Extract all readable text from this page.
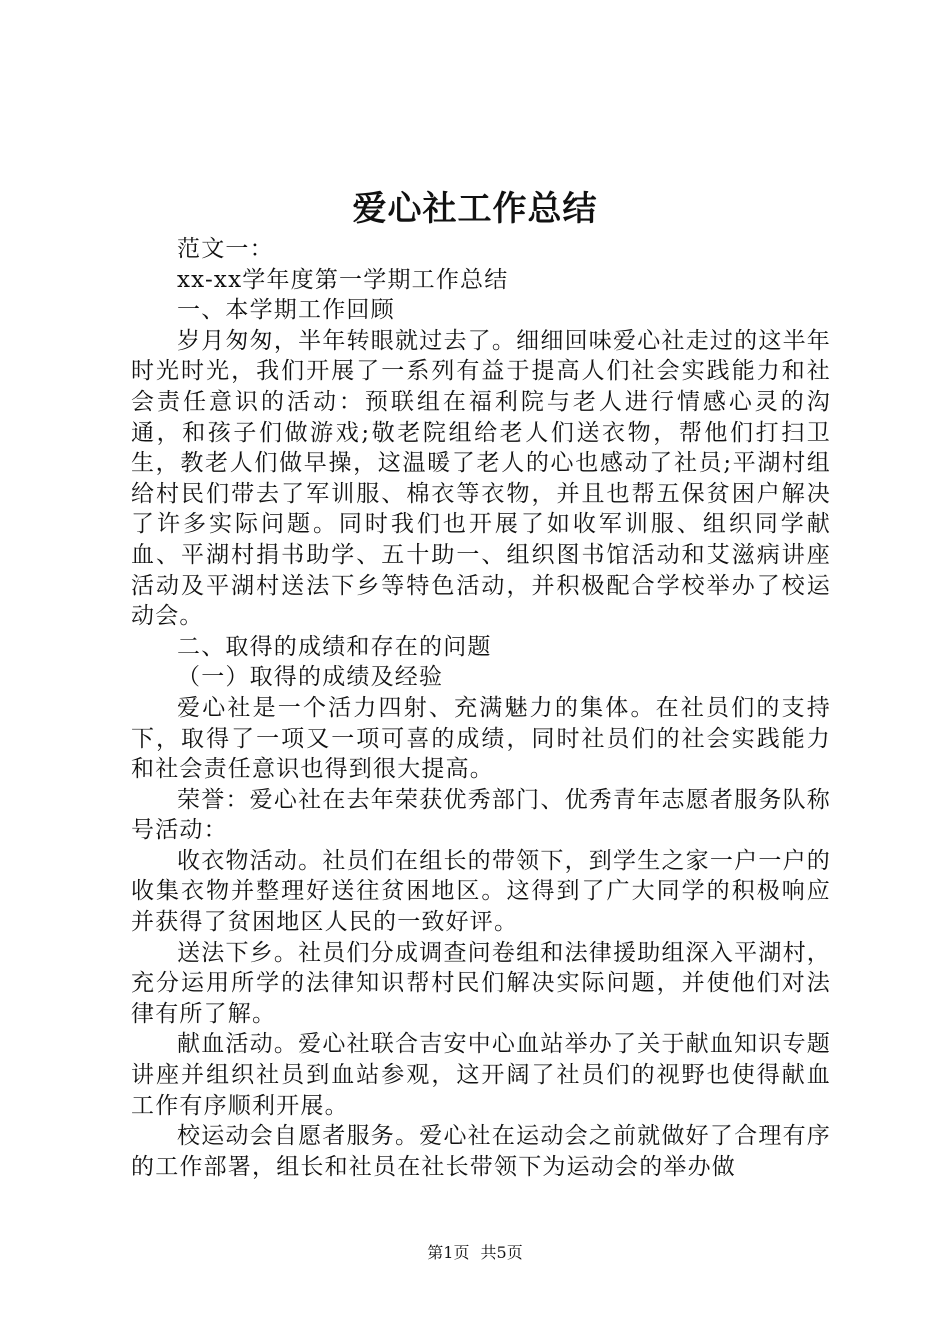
爱心社工作总结

范文一：

xx-xx学年度第一学期工作总结

一、本学期工作回顾

岁月匆匆，半年转眼就过去了。细细回味爱心社走过的这半年时光时光，我们开展了一系列有益于提高人们社会实践能力和社会责任意识的活动：预联组在福利院与老人进行情感心灵的沟通，和孩子们做游戏;敬老院组给老人们送衣物，帮他们打扫卫生，教老人们做早操，这温暖了老人的心也感动了社员;平湖村组给村民们带去了军训服、棉衣等衣物，并且也帮五保贫困户解决了许多实际问题。同时我们也开展了如收军训服、组织同学献血、平湖村捐书助学、五十助一、组织图书馆活动和艾滋病讲座活动及平湖村送法下乡等特色活动，并积极配合学校举办了校运动会。

二、取得的成绩和存在的问题

（一）取得的成绩及经验

爱心社是一个活力四射、充满魅力的集体。在社员们的支持下，取得了一项又一项可喜的成绩，同时社员们的社会实践能力和社会责任意识也得到很大提高。

荣誉：爱心社在去年荣获优秀部门、优秀青年志愿者服务队称号活动：

收衣物活动。社员们在组长的带领下，到学生之家一户一户的收集衣物并整理好送往贫困地区。这得到了广大同学的积极响应并获得了贫困地区人民的一致好评。

送法下乡。社员们分成调查问卷组和法律援助组深入平湖村，充分运用所学的法律知识帮村民们解决实际问题，并使他们对法律有所了解。

献血活动。爱心社联合吉安中心血站举办了关于献血知识专题讲座并组织社员到血站参观，这开阔了社员们的视野也使得献血工作有序顺利开展。

校运动会自愿者服务。爱心社在运动会之前就做好了合理有序的工作部署，组长和社员在社长带领下为运动会的举办做

第1页 共5页
